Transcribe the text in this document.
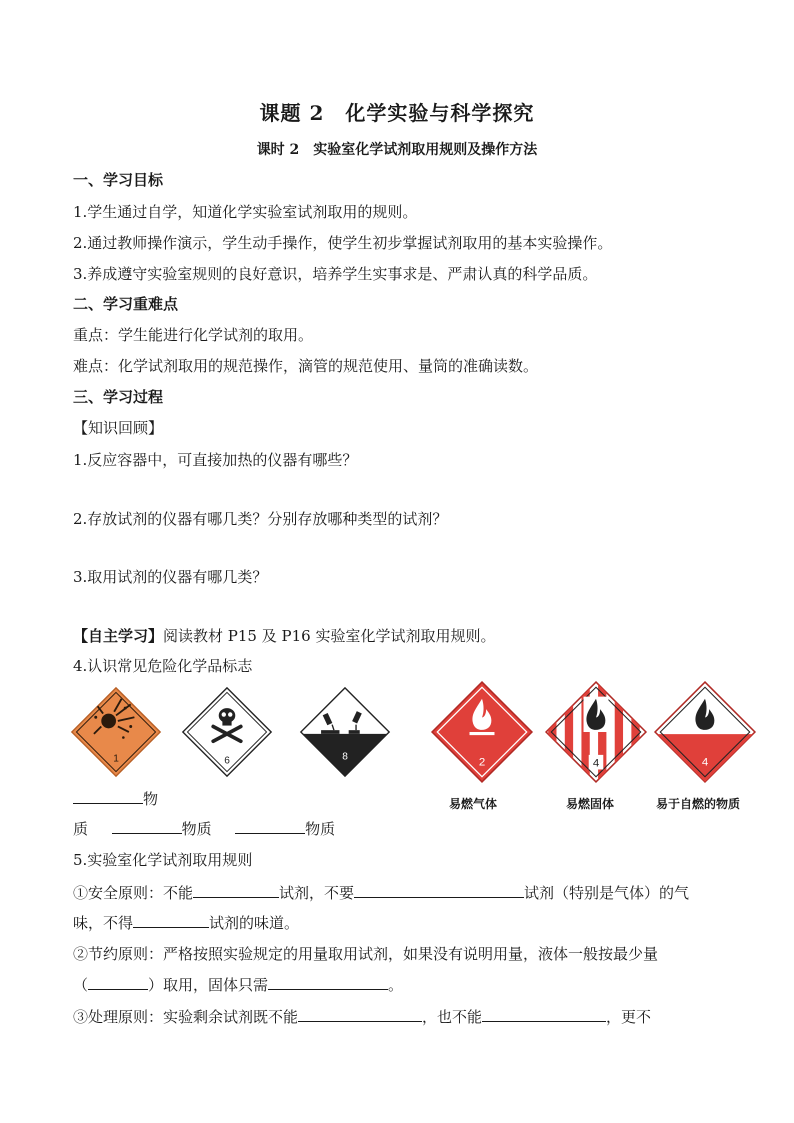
课题 2　化学实验与科学探究
课时 2　实验室化学试剂取用规则及操作方法
一、学习目标
1.学生通过自学，知道化学实验室试剂取用的规则。
2.通过教师操作演示，学生动手操作，使学生初步掌握试剂取用的基本实验操作。
3.养成遵守实验室规则的良好意识，培养学生实事求是、严肃认真的科学品质。
二、学习重难点
重点：学生能进行化学试剂的取用。
难点：化学试剂取用的规范操作，滴管的规范使用、量筒的准确读数。
三、学习过程
【知识回顾】
1.反应容器中，可直接加热的仪器有哪些？
2.存放试剂的仪器有哪几类？分别存放哪种类型的试剂？
3.取用试剂的仪器有哪几类？
【自主学习】阅读教材 P15 及 P16 实验室化学试剂取用规则。
4.认识常见危险化学品标志
1	6	8	2	4	4
易燃气体	易燃固体	易于自燃的物质
物
质	物质	物质
5.实验室化学试剂取用规则
①安全原则：不能	试剂，不要	试剂（特别是气体）的气
味，不得	试剂的味道。
②节约原则：严格按照实验规定的用量取用试剂，如果没有说明用量，液体一般按最少量
（	）取用，固体只需	。
③处理原则：实验剩余试剂既不能	，也不能	，更不
